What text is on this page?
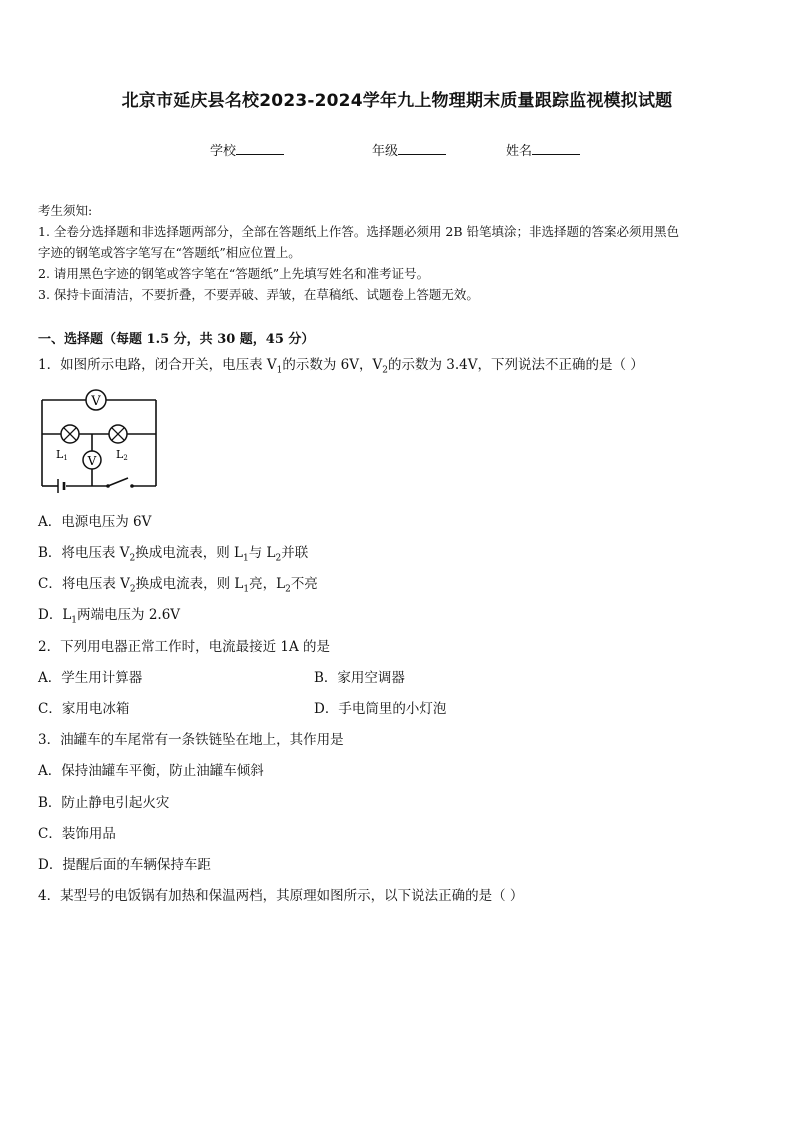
北京市延庆县名校2023-2024学年九上物理期末质量跟踪监视模拟试题
学校	年级	姓名
考生须知:
1. 全卷分选择题和非选择题两部分，全部在答题纸上作答。选择题必须用 2B 铅笔填涂；非选择题的答案必须用黑色
字迹的钢笔或答字笔写在“答题纸”相应位置上。
2. 请用黑色字迹的钢笔或答字笔在“答题纸”上先填写姓名和准考证号。
3. 保持卡面清洁，不要折叠，不要弄破、弄皱，在草稿纸、试题卷上答题无效。
一、选择题（每题 1.5 分，共 30 题，45 分）
1．如图所示电路，闭合开关，电压表 $V_1$的示数为 6V，$V_2$的示数为 3.4V，下列说法不正确的是（ ）
V
V
L1	L2
A．电源电压为 6V
B．将电压表 $V_2$换成电流表，则 $L_1$与 $L_2$并联
C．将电压表 $V_2$换成电流表，则 $L_1$亮，$L_2$不亮
D．$L_1$两端电压为 2.6V
2．下列用电器正常工作时，电流最接近 1A 的是
A．学生用计算器	B．家用空调器
C．家用电冰箱	D．手电筒里的小灯泡
3．油罐车的车尾常有一条铁链坠在地上，其作用是
A．保持油罐车平衡，防止油罐车倾斜
B．防止静电引起火灾
C．装饰用品
D．提醒后面的车辆保持车距
4．某型号的电饭锅有加热和保温两档，其原理如图所示，以下说法正确的是（ ）
